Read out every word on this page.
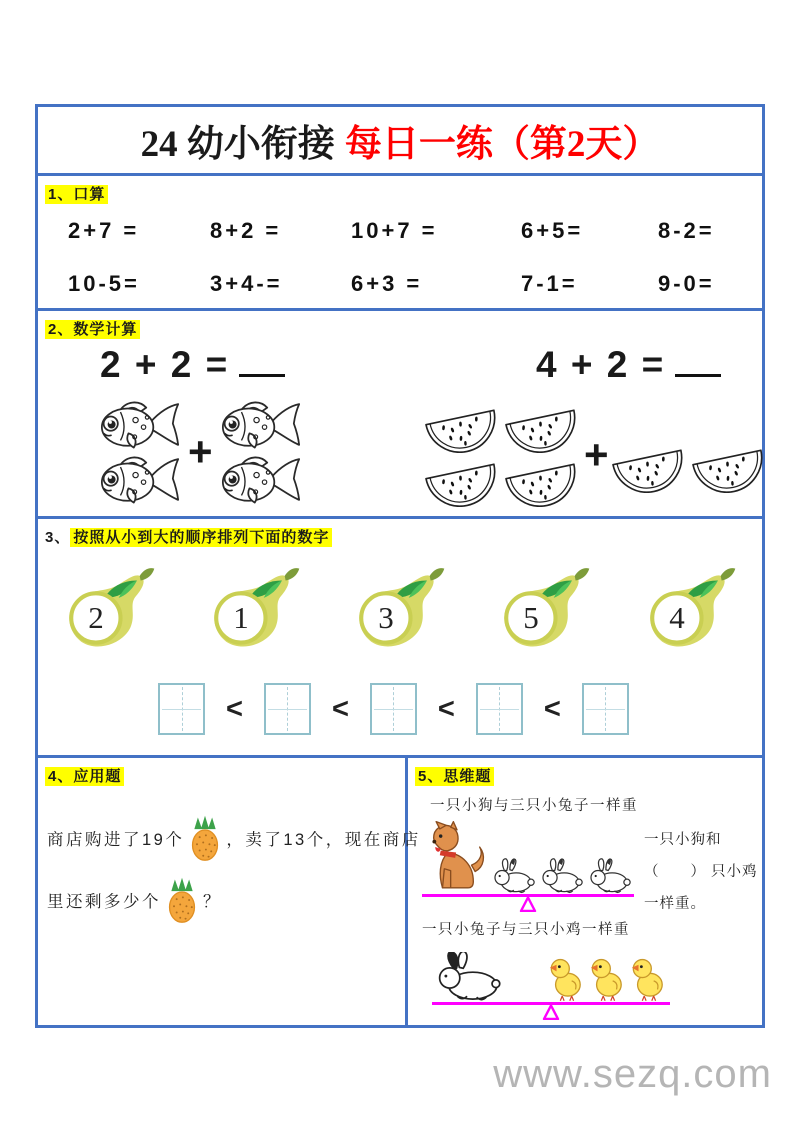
24 幼小衔接 每日一练（第2天）
1、口算
2+7 =	8+2 =	10+7 =	6+5=	8-2=
10-5=	3+4-=	6+3 =	7-1=	9-0=
2、数学计算
2 + 2 =	4 + 2 =
+	+
3、 按照从小到大的顺序排列下面的数字
2	1	3	5	4
<	<	<	<
4、应用题
商店购进了19个	，卖了13个，现在商店
里还剩多少个	？
5、思维题
一只小狗与三只小兔子一样重
一只小狗和（　　） 只小鸡一样重。
一只小兔子与三只小鸡一样重
www.sezq.com
